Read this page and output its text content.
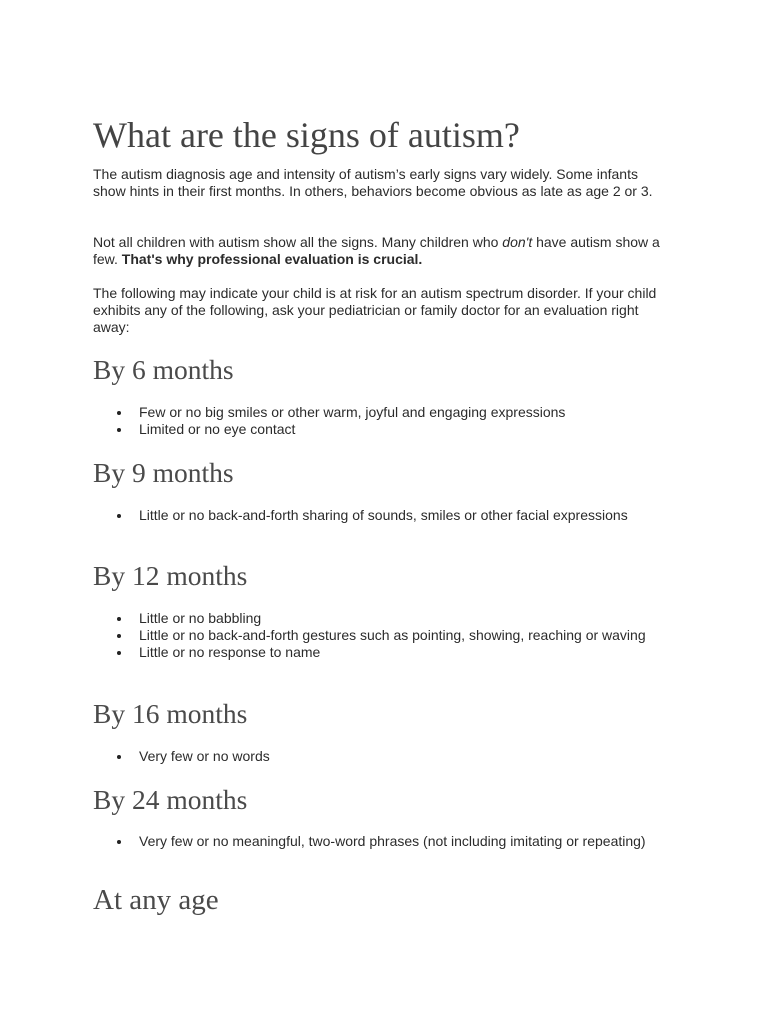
What are the signs of autism?

The autism diagnosis age and intensity of autism’s early signs vary widely. Some infants show hints in their first months. In others, behaviors become obvious as late as age 2 or 3.

Not all children with autism show all the signs. Many children who don't have autism show a few. That's why professional evaluation is crucial.

The following may indicate your child is at risk for an autism spectrum disorder. If your child exhibits any of the following, ask your pediatrician or family doctor for an evaluation right away:

By 6 months
Few or no big smiles or other warm, joyful and engaging expressions
Limited or no eye contact
By 9 months
Little or no back-and-forth sharing of sounds, smiles or other facial expressions
By 12 months
Little or no babbling
Little or no back-and-forth gestures such as pointing, showing, reaching or waving
Little or no response to name
By 16 months
Very few or no words
By 24 months
Very few or no meaningful, two-word phrases (not including imitating or repeating)
At any age
